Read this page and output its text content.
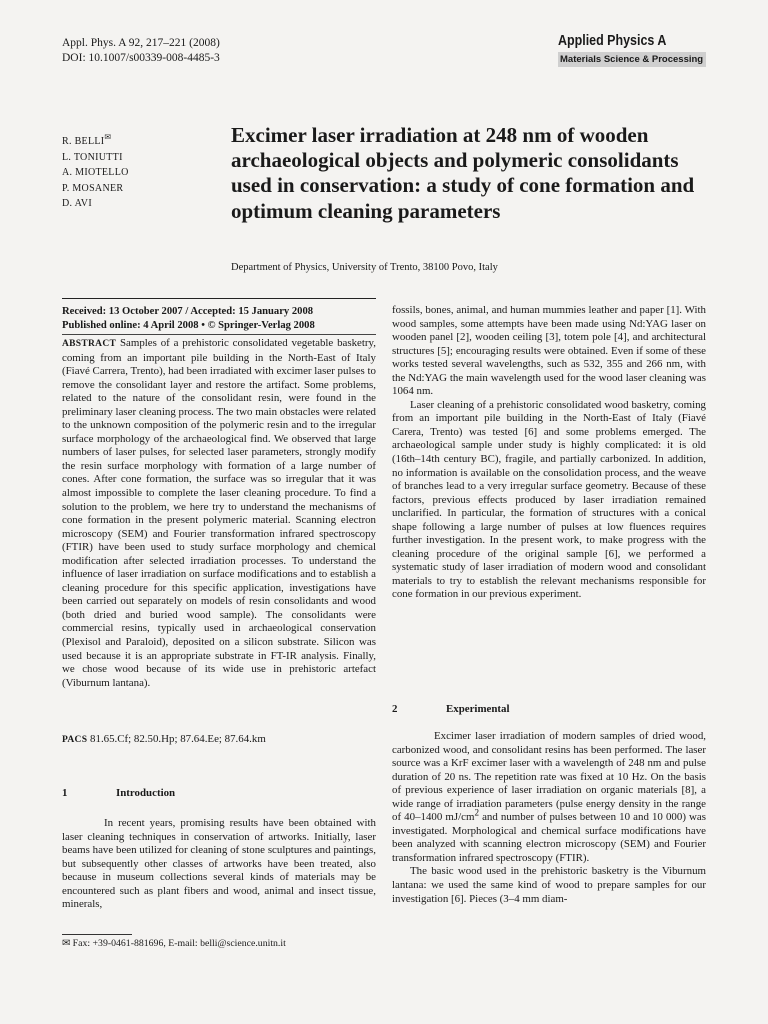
Appl. Phys. A 92, 217–221 (2008)
DOI: 10.1007/s00339-008-4485-3
Applied Physics A
Materials Science & Processing
R. BELLI✉
L. TONIUTTI
A. MIOTELLO
P. MOSANER
D. AVI
Excimer laser irradiation at 248 nm of wooden archaeological objects and polymeric consolidants used in conservation: a study of cone formation and optimum cleaning parameters
Department of Physics, University of Trento, 38100 Povo, Italy
Received: 13 October 2007 / Accepted: 15 January 2008
Published online: 4 April 2008 • © Springer-Verlag 2008

ABSTRACT Samples of a prehistoric consolidated vegetable basketry, coming from an important pile building in the North-East of Italy (Fiavé Carrera, Trento), had been irradiated with excimer laser pulses to remove the consolidant layer and restore the artifact. Some problems, related to the nature of the consolidant resin, were found in the preliminary laser cleaning process. The two main obstacles were related to the unknown composition of the polymeric resin and to the irregular surface morphology of the archaeological find. We observed that large numbers of laser pulses, for selected laser parameters, strongly modify the resin surface morphology with formation of a large number of cones. After cone formation, the surface was so irregular that it was almost impossible to complete the laser cleaning procedure. To find a solution to the problem, we here try to understand the mechanisms of cone formation in the present polymeric material. Scanning electron microscopy (SEM) and Fourier transformation infrared spectroscopy (FTIR) have been used to study surface morphology and chemical modification after selected irradiation processes. To understand the influence of laser irradiation on surface modifications and to establish a cleaning procedure for this specific application, investigations have been carried out separately on models of resin consolidants and wood (both dried and buried wood sample). The consolidants were commercial resins, typically used in archaeological conservation (Plexisol and Paraloid), deposited on a silicon substrate. Silicon was used because it is an appropriate substrate in FT-IR analysis. Finally, we chose wood because of its wide use in prehistoric artefact (Viburnum lantana).

PACS 81.65.Cf; 82.50.Hp; 87.64.Ee; 87.64.km
1	Introduction

In recent years, promising results have been obtained with laser cleaning techniques in conservation of artworks. Initially, laser beams have been utilized for cleaning of stone sculptures and paintings, but subsequently other classes of artworks have been treated, also because in museum collections several kinds of materials may be encountered such as plant fibers and wood, animal and insect tissue, minerals,

✉ Fax: +39-0461-881696, E-mail: belli@science.unitn.it

fossils, bones, animal, and human mummies leather and paper [1]. With wood samples, some attempts have been made using Nd:YAG laser on wooden panel [2], wooden ceiling [3], totem pole [4], and architectural structures [5]; encouraging results were obtained. Even if some of these works tested several wavelengths, such as 532, 355 and 266 nm, with the Nd:YAG the main wavelength used for the wood laser cleaning was 1064 nm.

Laser cleaning of a prehistoric consolidated wood basketry, coming from an important pile building in the North-East of Italy (Fiavé Carera, Trento) was tested [6] and some problems emerged. The archaeological sample under study is highly complicated: it is old (16th–14th century BC), fragile, and partially carbonized. In addition, no information is available on the consolidation process, and the weave of branches lead to a very irregular surface geometry. Because of these factors, previous effects produced by laser irradiation remained unclarified. In particular, the formation of structures with a conical shape following a large number of pulses at low fluences requires further investigation. In the present work, to make progress with the cleaning procedure of the original sample [6], we performed a systematic study of laser irradiation of modern wood and consolidant materials to try to establish the relevant mechanisms responsible for cone formation in our previous experiment.

2	Experimental

Excimer laser irradiation of modern samples of dried wood, carbonized wood, and consolidant resins has been performed. The laser source was a KrF excimer laser with a wavelength of 248 nm and pulse duration of 20 ns. The repetition rate was fixed at 10 Hz. On the basis of previous experience of laser irradiation on organic materials [8], a wide range of irradiation parameters (pulse energy density in the range of 40–1400 $mJ/cm^2$ and number of pulses between 10 and 10 000) was investigated. Morphological and chemical surface modifications have been analyzed with scanning electron microscopy (SEM) and Fourier transformation infrared spectroscopy (FTIR).

The basic wood used in the prehistoric basketry is the Viburnum lantana: we used the same kind of wood to prepare samples for our investigation [6]. Pieces (3–4 mm diam-
